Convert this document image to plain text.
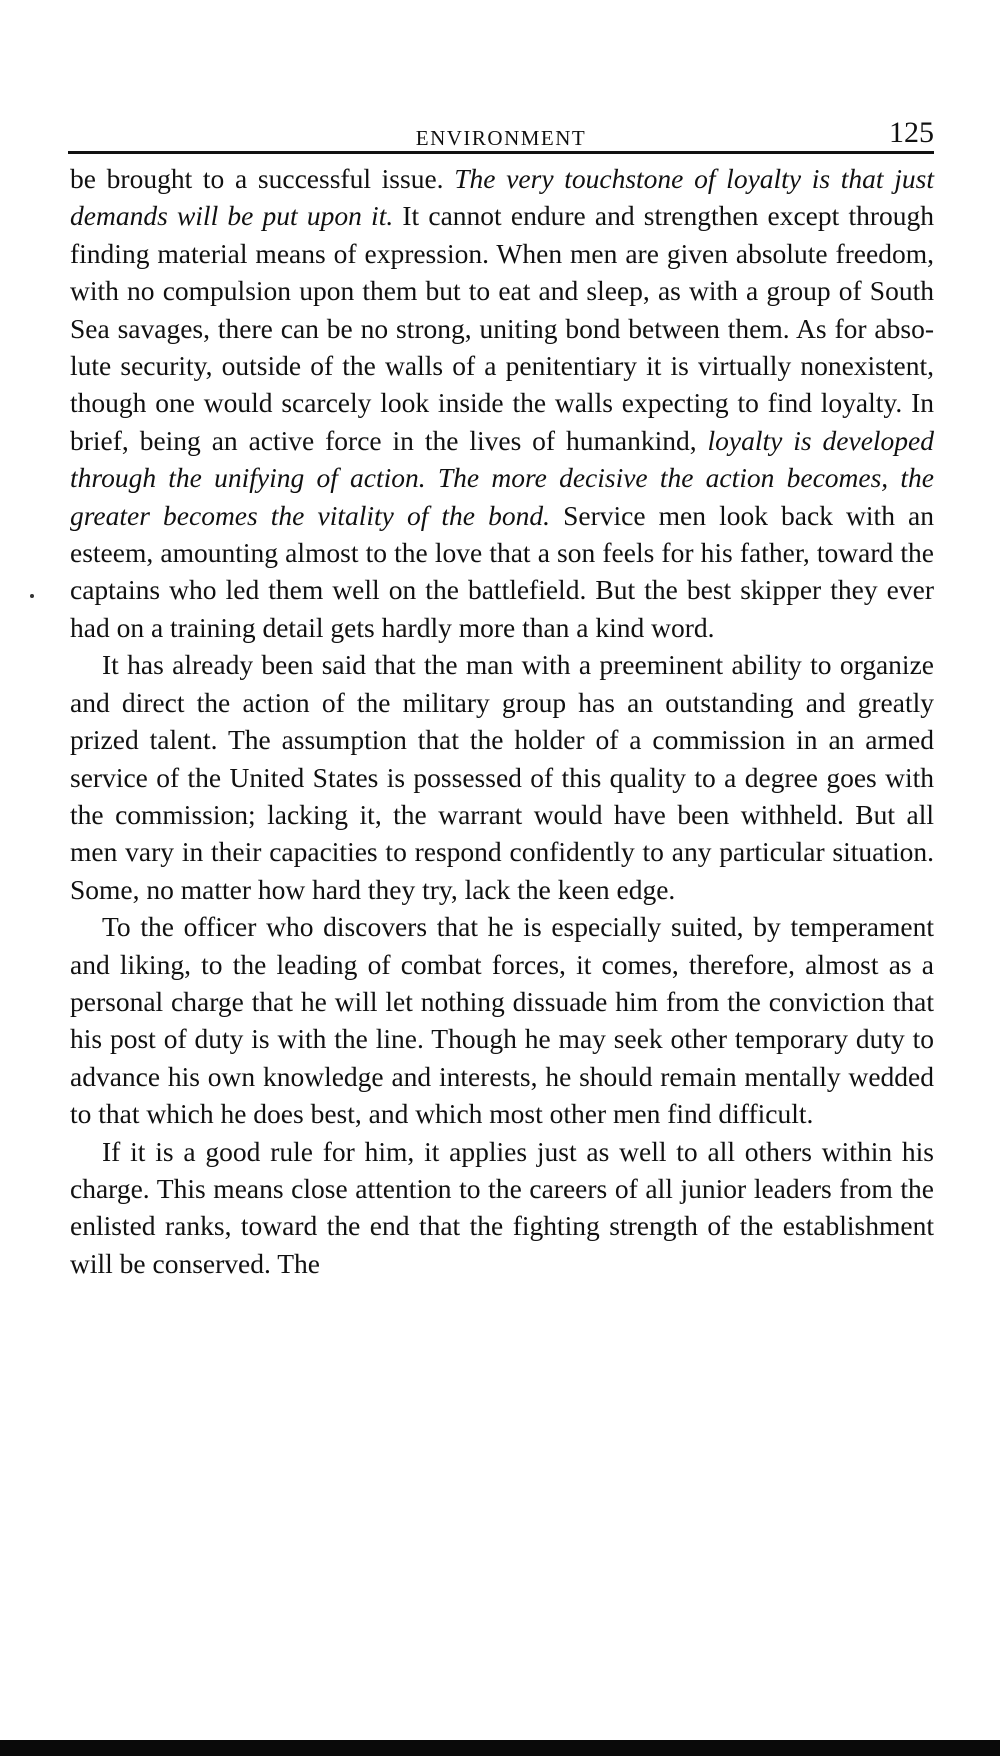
ENVIRONMENT	125

be brought to a successful issue. The very touchstone of loyalty is that just demands will be put upon it. It cannot endure and strengthen except through finding material means of expression. When men are given absolute freedom, with no compulsion upon them but to eat and sleep, as with a group of South Sea savages, there can be no strong, uniting bond between them. As for absolute security, outside of the walls of a penitentiary it is virtually nonexistent, though one would scarcely look inside the walls expecting to find loyalty. In brief, being an active force in the lives of humankind, loyalty is developed through the unifying of action. The more decisive the action becomes, the greater becomes the vitality of the bond. Service men look back with an esteem, amounting almost to the love that a son feels for his father, toward the captains who led them well on the battlefield. But the best skipper they ever had on a training detail gets hardly more than a kind word.

It has already been said that the man with a preeminent ability to organize and direct the action of the military group has an outstanding and greatly prized talent. The assumption that the holder of a commission in an armed service of the United States is possessed of this quality to a degree goes with the commission; lacking it, the warrant would have been withheld. But all men vary in their capacities to respond confidently to any particular situation. Some, no matter how hard they try, lack the keen edge.

To the officer who discovers that he is especially suited, by temperament and liking, to the leading of combat forces, it comes, therefore, almost as a personal charge that he will let nothing dissuade him from the conviction that his post of duty is with the line. Though he may seek other temporary duty to advance his own knowledge and interests, he should remain mentally wedded to that which he does best, and which most other men find difficult.

If it is a good rule for him, it applies just as well to all others within his charge. This means close attention to the careers of all junior leaders from the enlisted ranks, toward the end that the fighting strength of the establishment will be conserved. The
